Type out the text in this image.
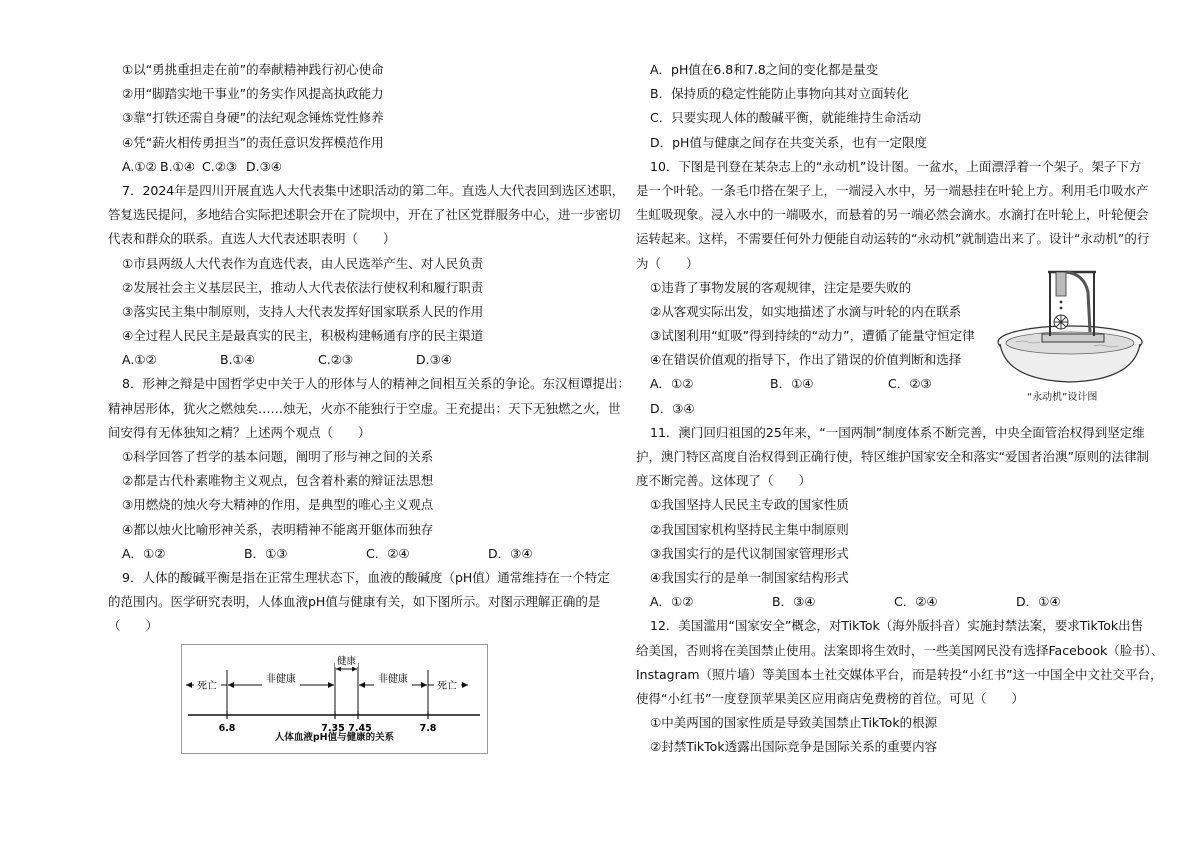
①以“勇挑重担走在前”的奉献精神践行初心使命
②用“脚踏实地干事业”的务实作风提高执政能力
③靠“打铁还需自身硬”的法纪观念锤炼党性修养
④凭“薪火相传勇担当”的责任意识发挥模范作用
A.①② B.①④ C.②③ D.③④
7．2024年是四川开展直选人大代表集中述职活动的第二年。直选人大代表回到选区述职，
答复选民提问，多地结合实际把述职会开在了院坝中，开在了社区党群服务中心，进一步密切
代表和群众的联系。直选人大代表述职表明（　　）
①市县两级人大代表作为直选代表，由人民选举产生、对人民负责
②发展社会主义基层民主，推动人大代表依法行使权利和履行职责
③落实民主集中制原则，支持人大代表发挥好国家联系人民的作用
④全过程人民民主是最真实的民主，积极构建畅通有序的民主渠道
A.①②	B.①④	C.②③	D.③④
8．形神之辩是中国哲学史中关于人的形体与人的精神之间相互关系的争论。东汉桓谭提出：
精神居形体，犹火之燃烛矣……烛无，火亦不能独行于空虚。王充提出：天下无独燃之火，世
间安得有无体独知之精？上述两个观点（　　）
①科学回答了哲学的基本问题，阐明了形与神之间的关系
②都是古代朴素唯物主义观点，包含着朴素的辩证法思想
③用燃烧的烛火夸大精神的作用，是典型的唯心主义观点
④都以烛火比喻形神关系，表明精神不能离开躯体而独存
A．①②	B．①③	C．②④	D．③④
9．人体的酸碱平衡是指在正常生理状态下，血液的酸碱度（pH值）通常维持在一个特定
的范围内。医学研究表明，人体血液pH值与健康有关，如下图所示。对图示理解正确的是
（　　）
死亡
非健康
健康
非健康
死亡
6.8	7.35 7.45	7.8
人体血液pH值与健康的关系
A．pH值在6.8和7.8之间的变化都是量变
B．保持质的稳定性能防止事物向其对立面转化
C．只要实现人体的酸碱平衡，就能维持生命活动
D．pH值与健康之间存在共变关系，也有一定限度
10．下图是刊登在某杂志上的“永动机”设计图。一盆水，上面漂浮着一个架子。架子下方
是一个叶轮。一条毛巾搭在架子上，一端浸入水中，另一端悬挂在叶轮上方。利用毛巾吸水产
生虹吸现象。浸入水中的一端吸水，而悬着的另一端必然会滴水。水滴打在叶轮上，叶轮便会
运转起来。这样，不需要任何外力便能自动运转的“永动机”就制造出来了。设计“永动机”的行
为（　　）
①违背了事物发展的客观规律，注定是要失败的
②从客观实际出发，如实地描述了水滴与叶轮的内在联系
③试图利用“虹吸”得到持续的“动力”，遭循了能量守恒定律
④在错误价值观的指导下，作出了错误的价值判断和选择
A．①②	B．①④	C．②③
D．③④
11．澳门回归祖国的25年来，“一国两制”制度体系不断完善，中央全面管治权得到坚定维
护，澳门特区高度自治权得到正确行使，特区维护国家安全和落实“爱国者治澳”原则的法律制
度不断完善。这体现了（　　）
①我国坚持人民民主专政的国家性质
②我国国家机构坚持民主集中制原则
③我国实行的是代议制国家管理形式
④我国实行的是单一制国家结构形式
A．①②	B．③④	C．②④	D．①④
12．美国滥用“国家安全”概念，对TikTok（海外版抖音）实施封禁法案，要求TikTok出售
给美国，否则将在美国禁止使用。法案即将生效时，一些美国网民没有选择Facebook（脸书）、
Instagram（照片墙）等美国本土社交媒体平台，而是转投“小红书”这一中国全中文社交平台，
使得“小红书”一度登顶苹果美区应用商店免费榜的首位。可见（　　）
①中美两国的国家性质是导致美国禁止TikTok的根源
②封禁TikTok透露出国际竞争是国际关系的重要内容
“永动机”设计图
